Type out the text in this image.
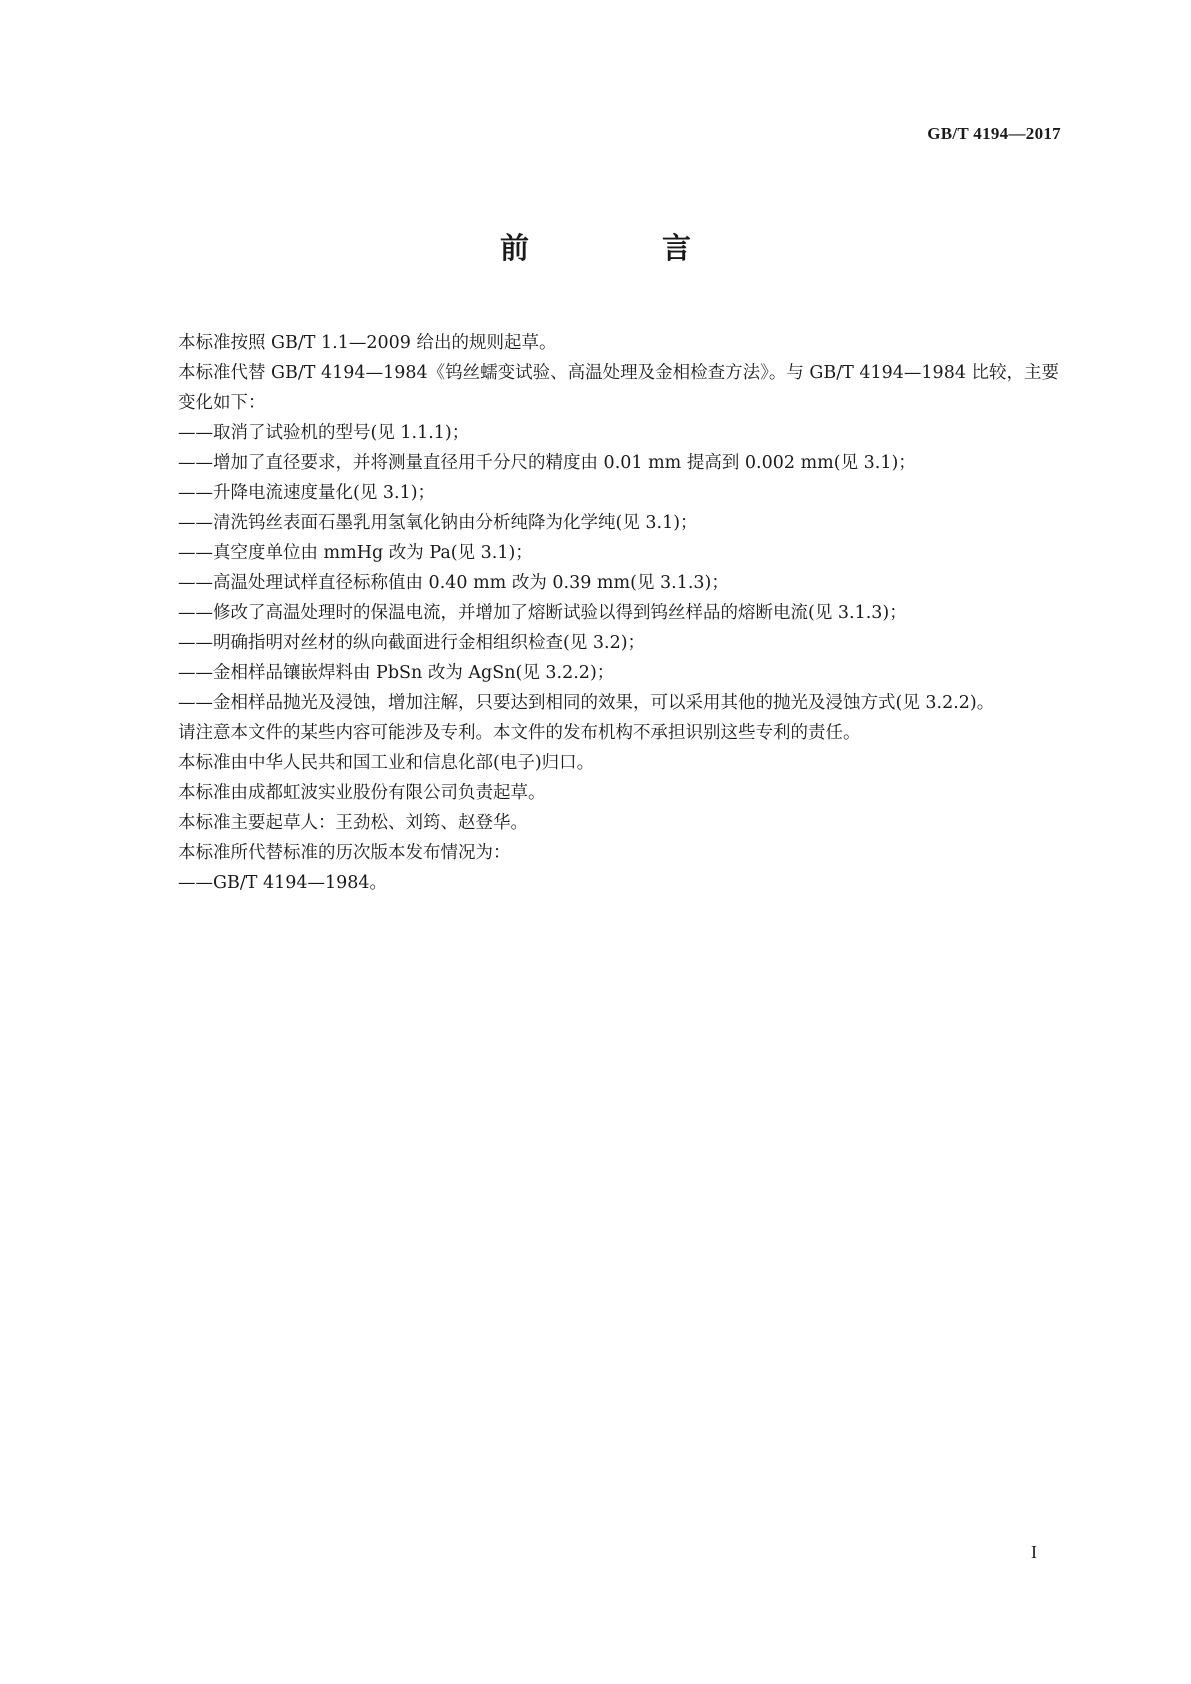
GB/T 4194—2017
前　言

本标准按照 GB/T 1.1—2009 给出的规则起草。

本标准代替 GB/T 4194—1984《钨丝蠕变试验、高温处理及金相检查方法》。与 GB/T 4194—1984 比较，主要变化如下：

——取消了试验机的型号(见 1.1.1)；

——增加了直径要求，并将测量直径用千分尺的精度由 0.01 mm 提高到 0.002 mm(见 3.1)；

——升降电流速度量化(见 3.1)；

——清洗钨丝表面石墨乳用氢氧化钠由分析纯降为化学纯(见 3.1)；

——真空度单位由 mmHg 改为 Pa(见 3.1)；

——高温处理试样直径标称值由 0.40 mm 改为 0.39 mm(见 3.1.3)；

——修改了高温处理时的保温电流，并增加了熔断试验以得到钨丝样品的熔断电流(见 3.1.3)；

——明确指明对丝材的纵向截面进行金相组织检查(见 3.2)；

——金相样品镶嵌焊料由 PbSn 改为 AgSn(见 3.2.2)；

——金相样品抛光及浸蚀，增加注解，只要达到相同的效果，可以采用其他的抛光及浸蚀方式(见 3.2.2)。

请注意本文件的某些内容可能涉及专利。本文件的发布机构不承担识别这些专利的责任。

本标准由中华人民共和国工业和信息化部(电子)归口。

本标准由成都虹波实业股份有限公司负责起草。

本标准主要起草人：王劲松、刘筠、赵登华。

本标准所代替标准的历次版本发布情况为：

——GB/T 4194—1984。

I
